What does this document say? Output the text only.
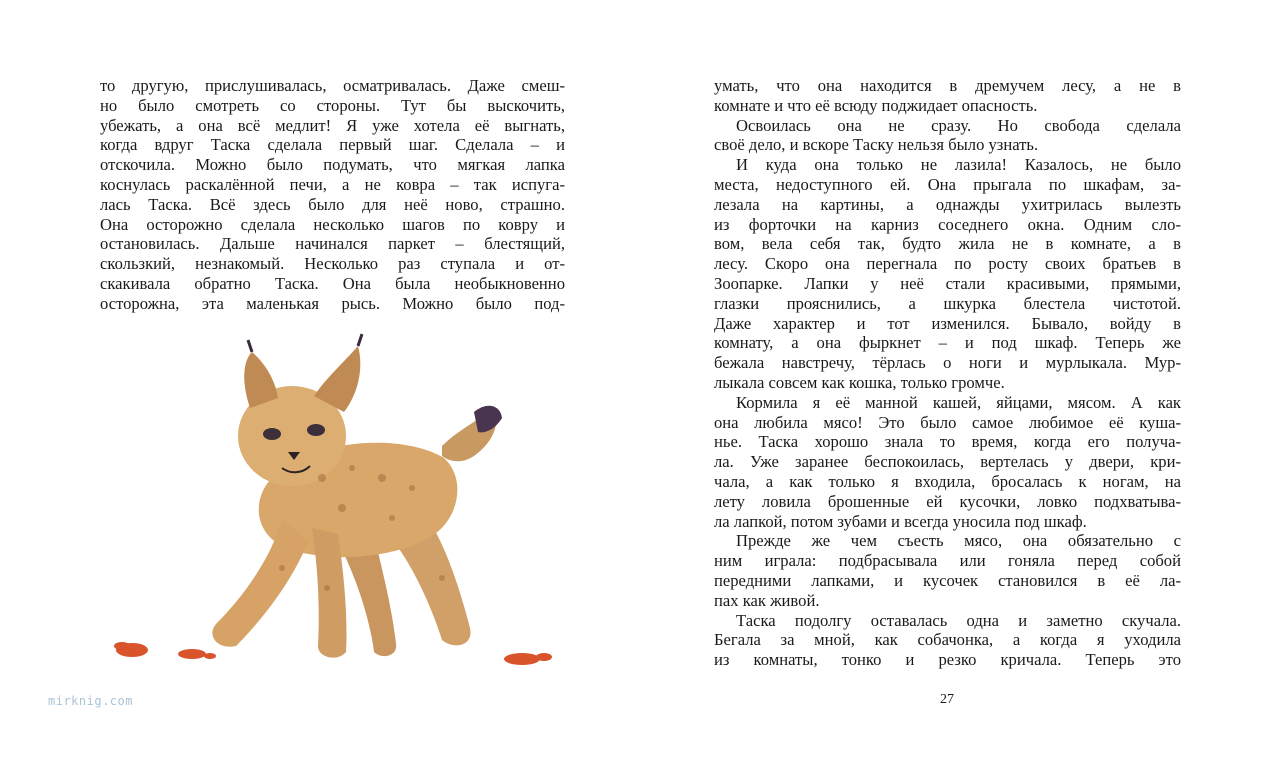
то другую, прислушивалась, осматривалась. Даже смеш-
но было смотреть со стороны. Тут бы выскочить,
убежать, а она всё медлит! Я уже хотела её выгнать,
когда вдруг Таска сделала первый шаг. Сделала – и
отскочила. Можно было подумать, что мягкая лапка
коснулась раскалённой печи, а не ковра – так испуга-
лась Таска. Всё здесь было для неё ново, страшно.
Она осторожно сделала несколько шагов по ковру и
остановилась. Дальше начинался паркет – блестящий,
скользкий, незнакомый. Несколько раз ступала и от-
скакивала обратно Таска. Она была необыкновенно
осторожна, эта маленькая рысь. Можно было под-
mirknig.com
умать, что она находится в дремучем лесу, а не в
комнате и что её всюду поджидает опасность.
Освоилась она не сразу. Но свобода сделала
своё дело, и вскоре Таску нельзя было узнать.
И куда она только не лазила! Казалось, не было
места, недоступного ей. Она прыгала по шкафам, за-
лезала на картины, а однажды ухитрилась вылезть
из форточки на карниз соседнего окна. Одним сло-
вом, вела себя так, будто жила не в комнате, а в
лесу. Скоро она перегнала по росту своих братьев в
Зоопарке. Лапки у неё стали красивыми, прямыми,
глазки прояснились, а шкурка блестела чистотой.
Даже характер и тот изменился. Бывало, войду в
комнату, а она фыркнет – и под шкаф. Теперь же
бежала навстречу, тёрлась о ноги и мурлыкала. Мур-
лыкала совсем как кошка, только громче.
Кормила я её манной кашей, яйцами, мясом. А как
она любила мясо! Это было самое любимое её куша-
нье. Таска хорошо знала то время, когда его получа-
ла. Уже заранее беспокоилась, вертелась у двери, кри-
чала, а как только я входила, бросалась к ногам, на
лету ловила брошенные ей кусочки, ловко подхватыва-
ла лапкой, потом зубами и всегда уносила под шкаф.
Прежде же чем съесть мясо, она обязательно с
ним играла: подбрасывала или гоняла перед собой
передними лапками, и кусочек становился в её ла-
пах как живой.
Таска подолгу оставалась одна и заметно скучала.
Бегала за мной, как собачонка, а когда я уходила
из комнаты, тонко и резко кричала. Теперь это
27
